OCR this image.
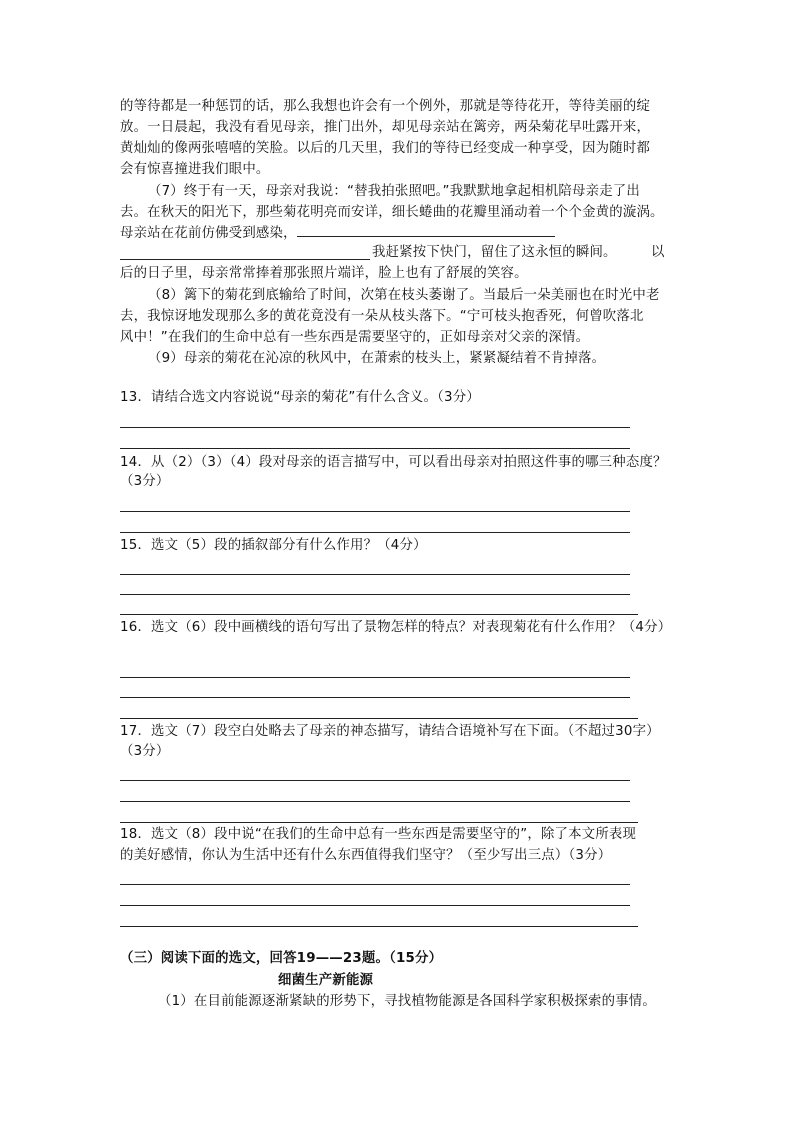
的等待都是一种惩罚的话，那么我想也许会有一个例外，那就是等待花开，等待美丽的绽
放。一日晨起，我没有看见母亲，推门出外，却见母亲站在篱旁，两朵菊花早吐露开来，
黄灿灿的像两张嘻嘻的笑脸。以后的几天里，我们的等待已经变成一种享受，因为随时都
会有惊喜撞进我们眼中。
（7）终于有一天，母亲对我说：“替我拍张照吧。”我默默地拿起相机陪母亲走了出
去。在秋天的阳光下，那些菊花明亮而安详，细长蜷曲的花瓣里涌动着一个个金黄的漩涡。
母亲站在花前仿佛受到感染，
我赶紧按下快门，留住了这永恒的瞬间。	以
后的日子里，母亲常常捧着那张照片端详，脸上也有了舒展的笑容。
（8）篱下的菊花到底输给了时间，次第在枝头萎谢了。当最后一朵美丽也在时光中老
去，我惊讶地发现那么多的黄花竟没有一朵从枝头落下。“宁可枝头抱香死，何曾吹落北
风中！”在我们的生命中总有一些东西是需要坚守的，正如母亲对父亲的深情。
（9）母亲的菊花在沁凉的秋风中，在萧索的枝头上，紧紧凝结着不肯掉落。
13．请结合选文内容说说“母亲的菊花”有什么含义。（3分）
14．从（2）（3）（4）段对母亲的语言描写中，可以看出母亲对拍照这件事的哪三种态度？
（3分）
15．选文（5）段的插叙部分有什么作用？（4分）
16．选文（6）段中画横线的语句写出了景物怎样的特点？对表现菊花有什么作用？（4分）
17．选文（7）段空白处略去了母亲的神态描写，请结合语境补写在下面。（不超过30字）
（3分）
18．选文（8）段中说“在我们的生命中总有一些东西是需要坚守的”，除了本文所表现
的美好感情，你认为生活中还有什么东西值得我们坚守？（至少写出三点）（3分）
（三）阅读下面的选文，回答19——23题。（15分）
细菌生产新能源
（1）在目前能源逐渐紧缺的形势下，寻找植物能源是各国科学家积极探索的事情。
